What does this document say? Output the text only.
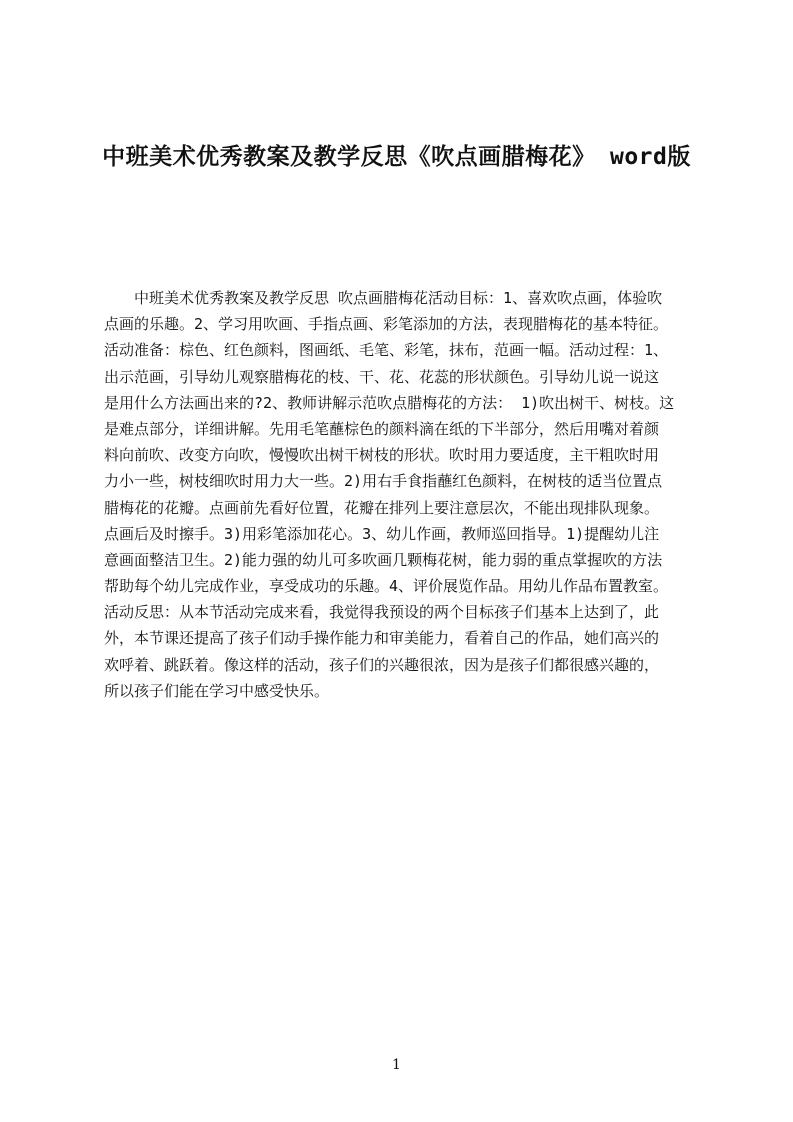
中班美术优秀教案及教学反思《吹点画腊梅花》 word版
　　中班美术优秀教案及教学反思 吹点画腊梅花活动目标：1、喜欢吹点画，体验吹
点画的乐趣。2、学习用吹画、手指点画、彩笔添加的方法，表现腊梅花的基本特征。
活动准备：棕色、红色颜料，图画纸、毛笔、彩笔，抹布，范画一幅。活动过程：1、
出示范画，引导幼儿观察腊梅花的枝、干、花、花蕊的形状颜色。引导幼儿说一说这
是用什么方法画出来的?2、教师讲解示范吹点腊梅花的方法： 1)吹出树干、树枝。这
是难点部分，详细讲解。先用毛笔蘸棕色的颜料滴在纸的下半部分，然后用嘴对着颜
料向前吹、改变方向吹，慢慢吹出树干树枝的形状。吹时用力要适度，主干粗吹时用
力小一些，树枝细吹时用力大一些。2)用右手食指蘸红色颜料，在树枝的适当位置点
腊梅花的花瓣。点画前先看好位置，花瓣在排列上要注意层次，不能出现排队现象。
点画后及时擦手。3)用彩笔添加花心。3、幼儿作画，教师巡回指导。1)提醒幼儿注
意画面整洁卫生。2)能力强的幼儿可多吹画几颗梅花树，能力弱的重点掌握吹的方法
帮助每个幼儿完成作业，享受成功的乐趣。4、评价展览作品。用幼儿作品布置教室。
活动反思：从本节活动完成来看，我觉得我预设的两个目标孩子们基本上达到了，此
外，本节课还提高了孩子们动手操作能力和审美能力，看着自己的作品，她们高兴的
欢呼着、跳跃着。像这样的活动，孩子们的兴趣很浓，因为是孩子们都很感兴趣的，
所以孩子们能在学习中感受快乐。
1
